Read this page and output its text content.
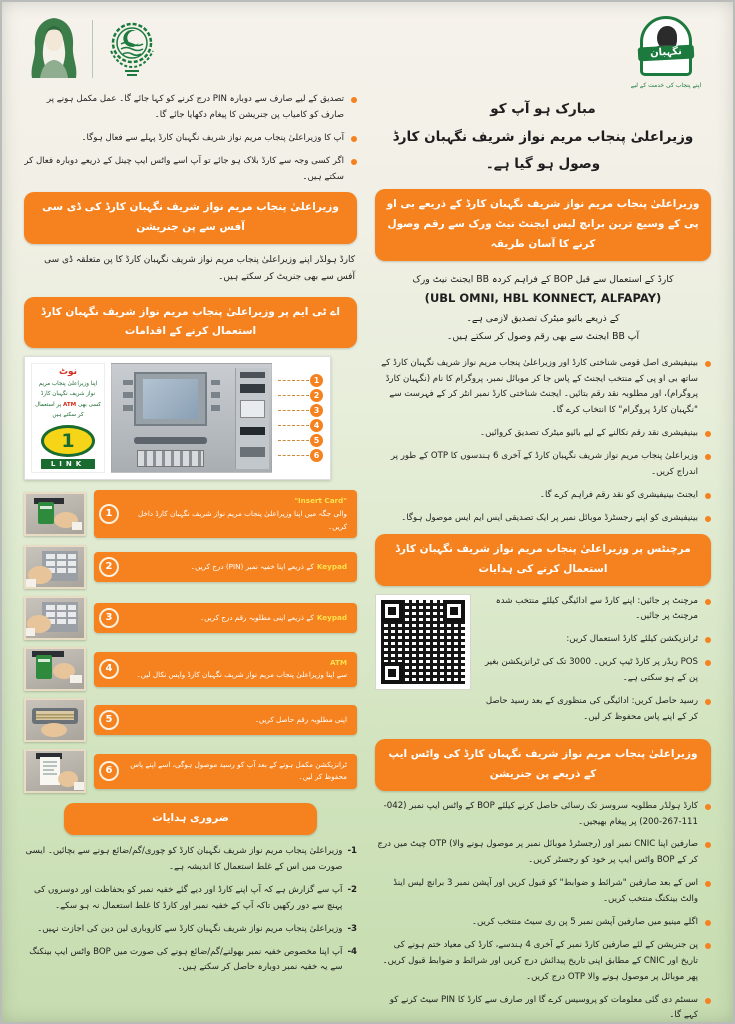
نگہبان
اپنے پنجاب کی خدمت کے لیے
مبارک ہو آپ کو
وزیراعلیٰ پنجاب مریم نواز شریف نگہبان کارڈ
وصول ہو گیا ہے۔
وزیراعلیٰ پنجاب مریم نواز شریف نگہبان کارڈ کے ذریعے بی او پی کے وسیع ترین برانچ لیس ایجنٹ نیٹ ورک سے رقم وصول کرنے کا آسان طریقہ
کارڈ کے استعمال سے قبل BOP کے فراہم کردہ BB ایجنٹ نیٹ ورک
(UBL OMNI, HBL KONNECT, ALFAPAY)
کے ذریعے بائیو میٹرک تصدیق لازمی ہے۔
آپ BB ایجنٹ سے بھی رقم وصول کر سکتے ہیں۔
بینیفیشری اصل قومی شناختی کارڈ اور وزیراعلیٰ پنجاب مریم نواز شریف نگہبان کارڈ کے ساتھ بی او پی کے منتخب ایجنٹ کے پاس جا کر موبائل نمبر، پروگرام کا نام (نگہبان کارڈ پروگرام)، اور مطلوبہ نقد رقم بتائیں۔ ایجنٹ شناختی کارڈ نمبر انٹر کر کے فہرست سے "نگہبان کارڈ پروگرام" کا انتخاب کرے گا۔
بینیفیشری نقد رقم نکالنے کے لیے بائیو میٹرک تصدیق کروائیں۔
وزیراعلیٰ پنجاب مریم نواز شریف نگہبان کارڈ کے آخری 6 ہندسوں کا OTP کے طور پر اندراج کریں۔
ایجنٹ بینیفیشری کو نقد رقم فراہم کرے گا۔
بینیفیشری کو اپنے رجسٹرڈ موبائل نمبر پر ایک تصدیقی ایس ایم ایس موصول ہوگا۔
مرچنٹس پر وزیراعلیٰ پنجاب مریم نواز شریف نگہبان کارڈ استعمال کرنے کی ہدایات
مرچنٹ پر جائیں: اپنے کارڈ سے ادائیگی کیلئے منتخب شدہ مرچنٹ پر جائیں۔
ٹرانزیکشن کیلئے کارڈ استعمال کریں:
POS ریڈر پر کارڈ ٹیپ کریں۔ 3000 تک کی ٹرانزیکشن بغیر پن کے ہو سکتی ہے۔
رسید حاصل کریں: ادائیگی کی منظوری کے بعد رسید حاصل کر کے اپنے پاس محفوظ کر لیں۔
وزیراعلیٰ پنجاب مریم نواز شریف نگہبان کارڈ کی واٹس ایپ کے ذریعے پن جنریشن
کارڈ ہولڈر مطلوبہ سروسز تک رسائی حاصل کرنے کیلئے BOP کے واٹس ایپ نمبر (042-111-267-200) پر پیغام بھیجیں۔
صارفین اپنا CNIC نمبر اور (رجسٹرڈ موبائل نمبر پر موصول ہونے والا) OTP چیٹ میں درج کر کے BOP واٹس ایپ پر خود کو رجسٹر کریں۔
اس کے بعد صارفین "شرائط و ضوابط" کو قبول کریں اور آپشن نمبر 3 برانچ لیس اینڈ والٹ بینکنگ منتخب کریں۔
اگلے مینیو میں صارفین آپشن نمبر 5 پن ری سیٹ منتخب کریں۔
پن جنریشن کے لئے صارفین کارڈ نمبر کے آخری 4 ہندسے، کارڈ کی معیاد ختم ہونے کی تاریخ اور CNIC کے مطابق اپنی تاریخ پیدائش درج کریں اور شرائط و ضوابط قبول کریں۔ پھر موبائل پر موصول ہونے والا OTP درج کریں۔
سسٹم دی گئی معلومات کو پروسیس کرے گا اور صارف سے کارڈ کا PIN سیٹ کرنے کو کہے گا۔
تصدیق کے لیے صارف سے دوبارہ PIN درج کرنے کو کہا جائے گا۔ عمل مکمل ہونے پر صارف کو کامیاب پن جنریشن کا پیغام دکھایا جائے گا۔
آپ کا وزیراعلیٰ پنجاب مریم نواز شریف نگہبان کارڈ پہلے سے فعال ہوگا۔
اگر کسی وجہ سے کارڈ بلاک ہو جائے تو آپ اسے واٹس ایپ چینل کے ذریعے دوبارہ فعال کر سکتے ہیں۔
وزیراعلیٰ پنجاب مریم نواز شریف نگہبان کارڈ کی ڈی سی آفس سے پن جنریشن
کارڈ ہولڈر اپنے وزیراعلیٰ پنجاب مریم نواز شریف نگہبان کارڈ کا پن متعلقہ ڈی سی آفس سے بھی جنریٹ کر سکتے ہیں۔
اے ٹی ایم پر وزیراعلیٰ پنجاب مریم نواز شریف نگہبان کارڈ استعمال کرنے کے اقدامات
نوٹ
اپنا وزیراعلیٰ پنجاب مریم نواز شریف نگہبان کارڈ کسی بھی ATM پر استعمال کر سکتے ہیں
1
LINK
1
2
3
4
5
6
"Insert Card"
والی جگہ میں اپنا وزیراعلیٰ پنجاب مریم نواز شریف نگہبان کارڈ داخل کریں۔
1
Keypad
کے ذریعے اپنا خفیہ نمبر (PIN) درج کریں۔
2
Keypad
کے ذریعے اپنی مطلوبہ رقم درج کریں۔
3
ATM
سے اپنا وزیراعلیٰ پنجاب مریم نواز شریف نگہبان کارڈ واپس نکال لیں۔
4
اپنی مطلوبہ رقم حاصل کریں۔
5
ٹرانزیکشن مکمل ہونے کے بعد آپ کو رسید موصول ہوگی، اسے اپنے پاس محفوظ کر لیں۔
6
ضروری ہدایات
1-
وزیراعلیٰ پنجاب مریم نواز شریف نگہبان کارڈ کو چوری/گم/ضائع ہونے سے بچائیں۔ ایسی صورت میں اس کے غلط استعمال کا اندیشہ ہے۔
2-
آپ سے گزارش ہے کہ آپ اپنے کارڈ اور دیے گئے خفیہ نمبر کو بحفاظت اور دوسروں کی پہنچ سے دور رکھیں تاکہ آپ کے خفیہ نمبر اور کارڈ کا غلط استعمال نہ ہو سکے۔
3-
وزیراعلیٰ پنجاب مریم نواز شریف نگہبان کارڈ سے کاروباری لین دین کی اجازت نہیں۔
4-
آپ اپنا مخصوص خفیہ نمبر بھولنے/گم/ضائع ہونے کی صورت میں BOP واٹس ایپ بینکنگ سے یہ خفیہ نمبر دوبارہ حاصل کر سکتے ہیں۔
